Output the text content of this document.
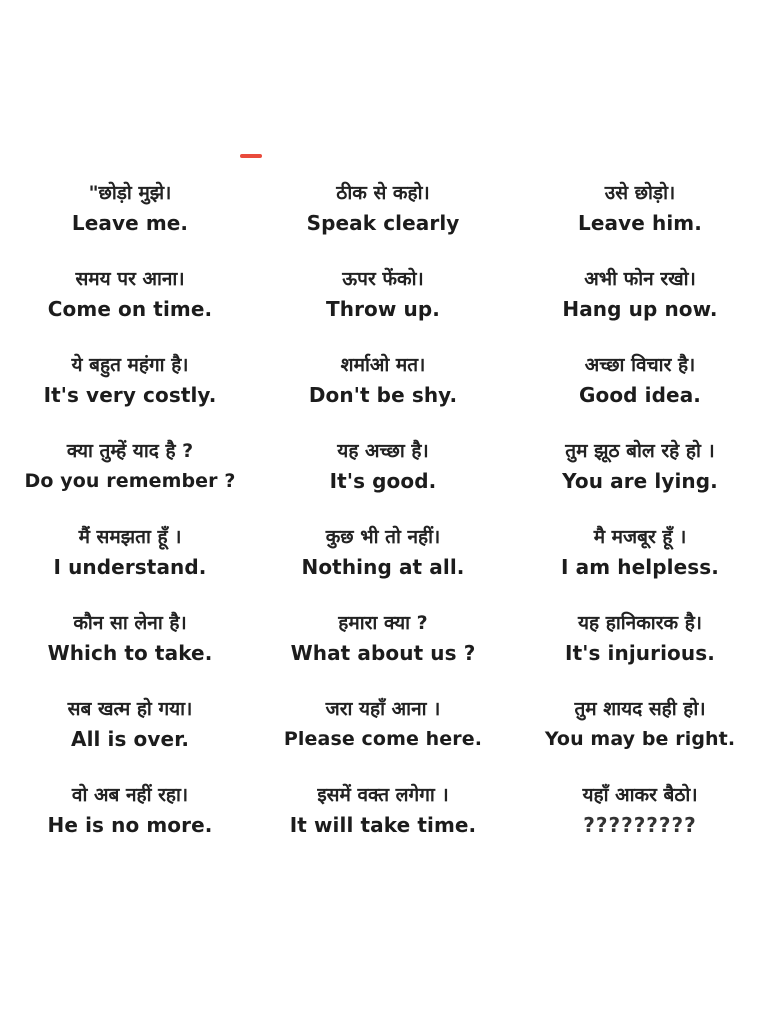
"छोड़ो मुझे।
Leave me.
ठीक से कहो।
Speak clearly
उसे छोड़ो।
Leave him.
समय पर आना।
Come on time.
ऊपर फेंको।
Throw up.
अभी फोन रखो।
Hang up now.
ये बहुत महंगा है।
It's very costly.
शर्माओ मत।
Don't be shy.
अच्छा विचार है।
Good idea.
क्या तुम्हें याद है ?
Do you remember ?
यह अच्छा है।
It's good.
तुम झूठ बोल रहे हो ।
You are lying.
मैं समझता हूँ ।
I understand.
कुछ भी तो नहीं।
Nothing at all.
मै मजबूर हूँ ।
I am helpless.
कौन सा लेना है।
Which to take.
हमारा क्या ?
What about us ?
यह हानिकारक है।
It's injurious.
सब खत्म हो गया।
All is over.
जरा यहाँ आना ।
Please come here.
तुम शायद सही हो।
You may be right.
वो अब नहीं रहा।
He is no more.
इसमें वक्त लगेगा ।
It will take time.
यहाँ आकर बैठो।
?????????
